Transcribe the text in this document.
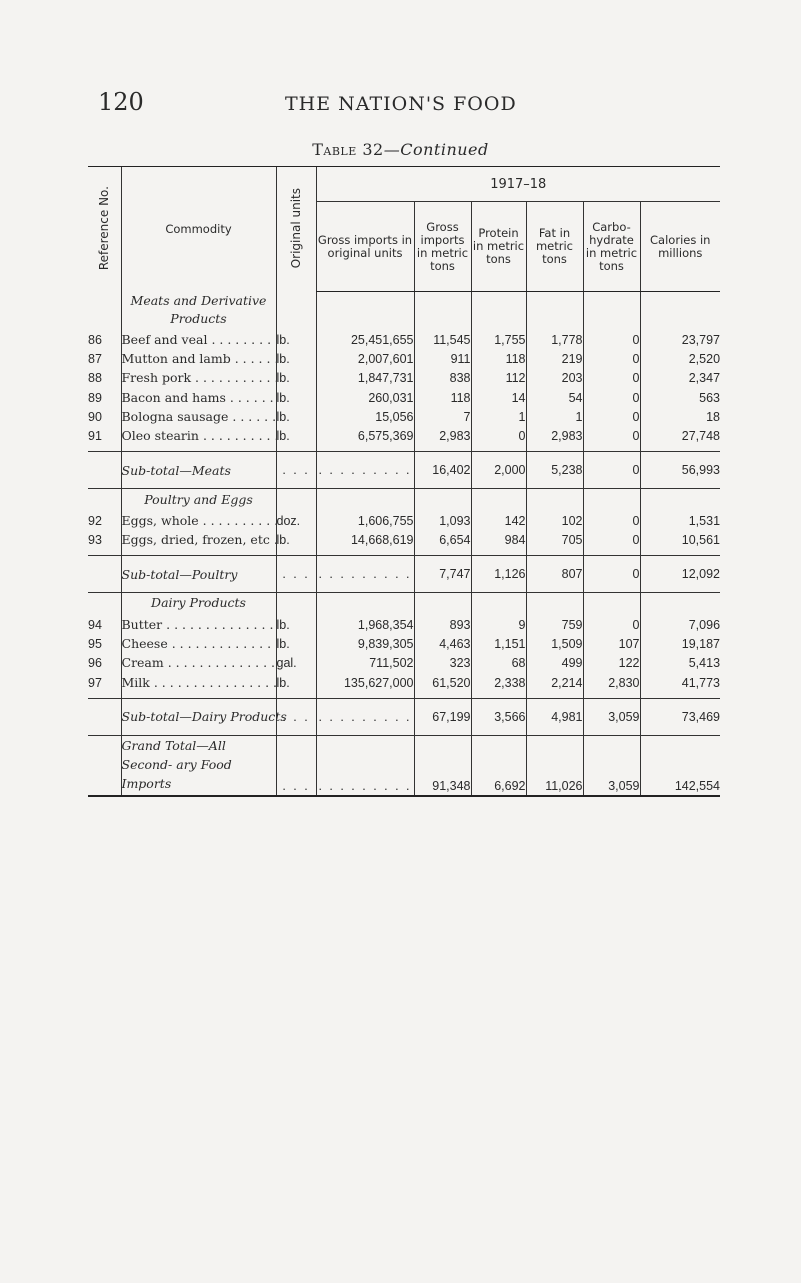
120	THE NATION'S FOOD
Table 32—Continued
Reference No.	Commodity	Original units	1917–18					
			Gross imports in original units	Gross imports in metric tons	Protein in metric tons	Fat in metric tons	Carbo- hydrate in metric tons	Calories in millions
	Meats and Derivative Products							
86	Beef and veal . . .	lb.	25,451,655	11,545	1,755	1,778	0	23,797
87	Mutton and lamb . . .	lb.	2,007,601	911	118	219	0	2,520
88	Fresh pork . . .	lb.	1,847,731	838	112	203	0	2,347
89	Bacon and hams . . .	lb.	260,031	118	14	54	0	563
90	Bologna sausage . . .	lb.	15,056	7	1	1	0	18
91	Oleo stearin . . .	lb.	6,575,369	2,983	0	2,983	0	27,748

	Sub-total—Meats	. . .	. . . . . . . . .	16,402	2,000	5,238	0	56,993
	Poultry and Eggs							
92	Eggs, whole . . .	doz.	1,606,755	1,093	142	102	0	1,531
93	Eggs, dried, frozen, etc . . .	lb.	14,668,619	6,654	984	705	0	10,561

	Sub-total—Poultry	. . .	. . . . . . . . .	7,747	1,126	807	0	12,092
	Dairy Products							
94	Butter . . .	lb.	1,968,354	893	9	759	0	7,096
95	Cheese . . .	lb.	9,839,305	4,463	1,151	1,509	107	19,187
96	Cream . . .	gal.	711,502	323	68	499	122	5,413
97	Milk . . .	lb.	135,627,000	61,520	2,338	2,214	2,830	41,773

	Sub-total—Dairy Products	. . .	. . . . . . . . .	67,199	3,566	4,981	3,059	73,469
	Grand Total—All Second- ary Food Imports	. . .	. . . . . . . . .	91,348	6,692	11,026	3,059	142,554
